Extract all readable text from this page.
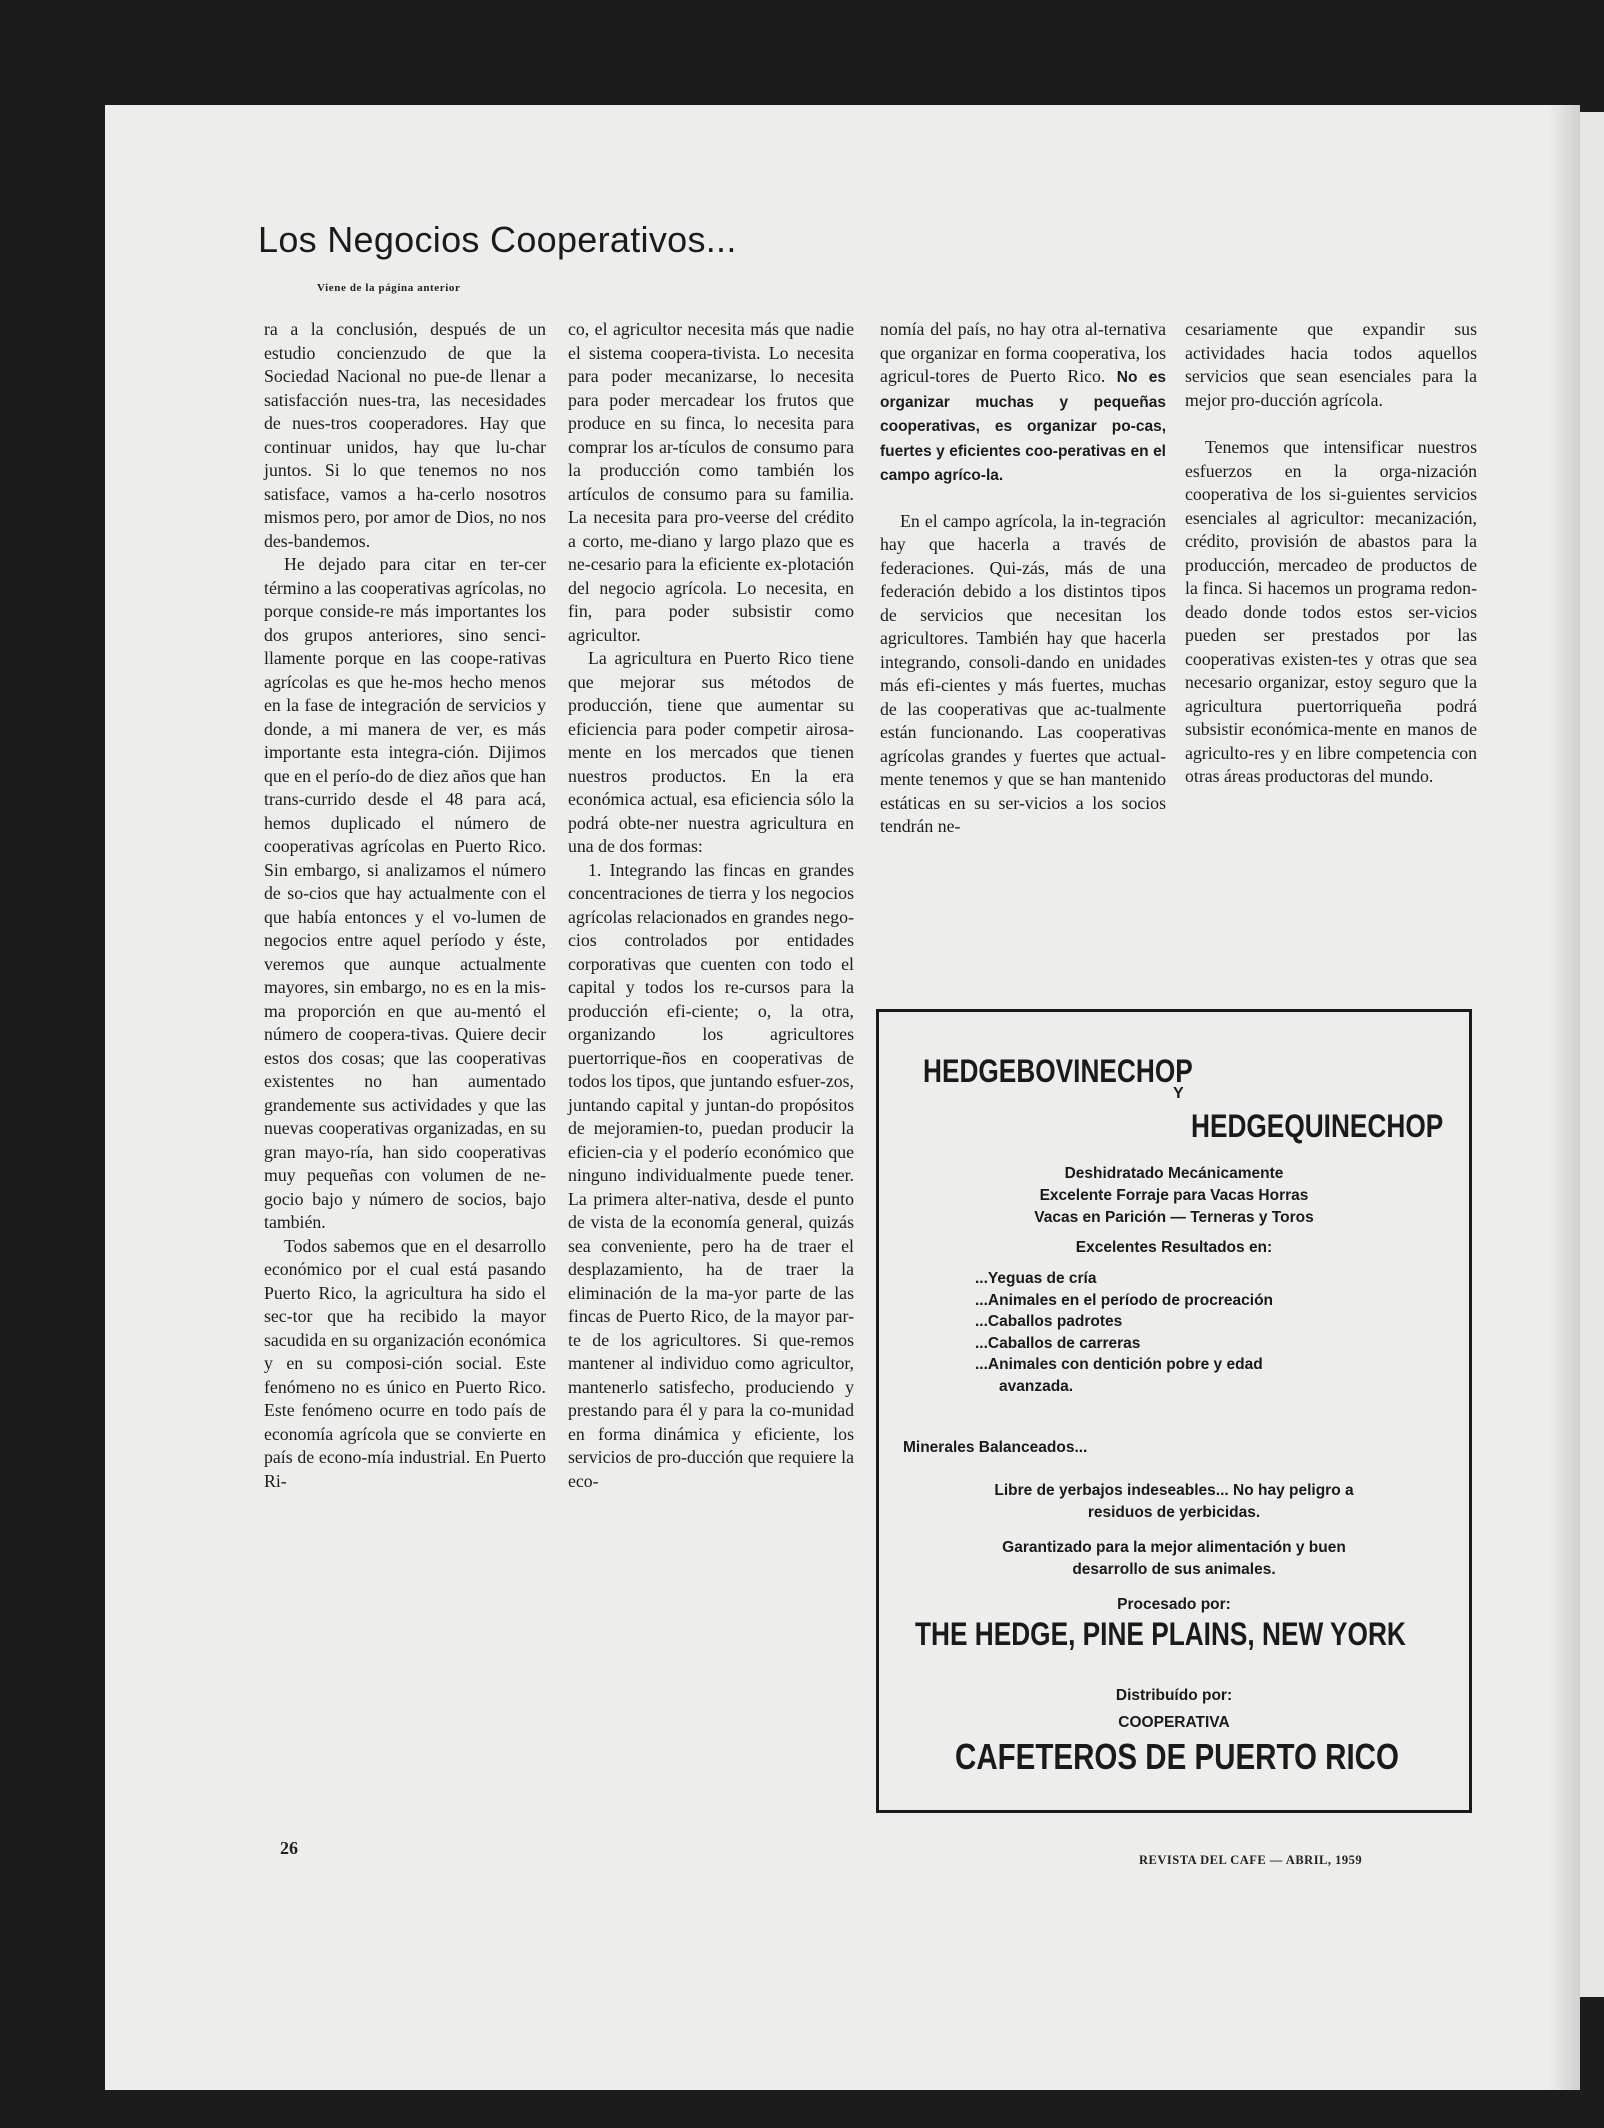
Los Negocios Cooperativos...
Viene de la página anterior

ra a la conclusión, después de un estudio concienzudo de que la Sociedad Nacional no pue-de llenar a satisfacción nues-tra, las necesidades de nues-tros cooperadores. Hay que continuar unidos, hay que lu-char juntos. Si lo que tenemos no nos satisface, vamos a ha-cerlo nosotros mismos pero, por amor de Dios, no nos des-bandemos.

He dejado para citar en ter-cer término a las cooperativas agrícolas, no porque conside-re más importantes los dos grupos anteriores, sino senci-llamente porque en las coope-rativas agrícolas es que he-mos hecho menos en la fase de integración de servicios y donde, a mi manera de ver, es más importante esta integra-ción. Dijimos que en el perío-do de diez años que han trans-currido desde el 48 para acá, hemos duplicado el número de cooperativas agrícolas en Puerto Rico. Sin embargo, si analizamos el número de so-cios que hay actualmente con el que había entonces y el vo-lumen de negocios entre aquel período y éste, veremos que aunque actualmente mayores, sin embargo, no es en la mis-ma proporción en que au-mentó el número de coopera-tivas. Quiere decir estos dos cosas; que las cooperativas existentes no han aumentado grandemente sus actividades y que las nuevas cooperativas organizadas, en su gran mayo-ría, han sido cooperativas muy pequeñas con volumen de ne-gocio bajo y número de socios, bajo también.

Todos sabemos que en el desarrollo económico por el cual está pasando Puerto Rico, la agricultura ha sido el sec-tor que ha recibido la mayor sacudida en su organización económica y en su composi-ción social. Este fenómeno no es único en Puerto Rico. Este fenómeno ocurre en todo país de economía agrícola que se convierte en país de econo-mía industrial. En Puerto Ri-

co, el agricultor necesita más que nadie el sistema coopera-tivista. Lo necesita para poder mecanizarse, lo necesita para poder mercadear los frutos que produce en su finca, lo necesita para comprar los ar-tículos de consumo para la producción como también los artículos de consumo para su familia. La necesita para pro-veerse del crédito a corto, me-diano y largo plazo que es ne-cesario para la eficiente ex-plotación del negocio agrícola. Lo necesita, en fin, para poder subsistir como agricultor.

La agricultura en Puerto Rico tiene que mejorar sus métodos de producción, tiene que aumentar su eficiencia para poder competir airosa-mente en los mercados que tienen nuestros productos. En la era económica actual, esa eficiencia sólo la podrá obte-ner nuestra agricultura en una de dos formas:

1. Integrando las fincas en grandes concentraciones de tierra y los negocios agrícolas relacionados en grandes nego-cios controlados por entidades corporativas que cuenten con todo el capital y todos los re-cursos para la producción efi-ciente; o, la otra, organizando los agricultores puertorrique-ños en cooperativas de todos los tipos, que juntando esfuer-zos, juntando capital y juntan-do propósitos de mejoramien-to, puedan producir la eficien-cia y el poderío económico que ninguno individualmente puede tener. La primera alter-nativa, desde el punto de vista de la economía general, quizás sea conveniente, pero ha de traer el desplazamiento, ha de traer la eliminación de la ma-yor parte de las fincas de Puerto Rico, de la mayor par-te de los agricultores. Si que-remos mantener al individuo como agricultor, mantenerlo satisfecho, produciendo y prestando para él y para la co-munidad en forma dinámica y eficiente, los servicios de pro-ducción que requiere la eco-

nomía del país, no hay otra al-ternativa que organizar en forma cooperativa, los agricul-tores de Puerto Rico. No es organizar muchas y pequeñas cooperativas, es organizar po-cas, fuertes y eficientes coo-perativas en el campo agríco-la.

En el campo agrícola, la in-tegración hay que hacerla a través de federaciones. Qui-zás, más de una federación debido a los distintos tipos de servicios que necesitan los agricultores. También hay que hacerla integrando, consoli-dando en unidades más efi-cientes y más fuertes, muchas de las cooperativas que ac-tualmente están funcionando. Las cooperativas agrícolas grandes y fuertes que actual-mente tenemos y que se han mantenido estáticas en su ser-vicios a los socios tendrán ne-

cesariamente que expandir sus actividades hacia todos aquellos servicios que sean esenciales para la mejor pro-ducción agrícola.

Tenemos que intensificar nuestros esfuerzos en la orga-nización cooperativa de los si-guientes servicios esenciales al agricultor: mecanización, crédito, provisión de abastos para la producción, mercadeo de productos de la finca. Si hacemos un programa redon-deado donde todos estos ser-vicios pueden ser prestados por las cooperativas existen-tes y otras que sea necesario organizar, estoy seguro que la agricultura puertorriqueña podrá subsistir económica-mente en manos de agriculto-res y en libre competencia con otras áreas productoras del mundo.

HEDGEBOVINECHOP
Y
HEDGEQUINECHOP
Deshidratado Mecánicamente
Excelente Forraje para Vacas Horras
Vacas en Parición — Terneras y Toros
Excelentes Resultados en:
...Yeguas de cría
...Animales en el período de procreación
...Caballos padrotes
...Caballos de carreras
...Animales con dentición pobre y edad
avanzada.
Minerales Balanceados...
Libre de yerbajos indeseables... No hay peligro a
residuos de yerbicidas.
Garantizado para la mejor alimentación y buen
desarrollo de sus animales.
Procesado por:
THE HEDGE, PINE PLAINS, NEW YORK
Distribuído por:
COOPERATIVA
CAFETEROS DE PUERTO RICO
26
REVISTA DEL CAFE — ABRIL, 1959
